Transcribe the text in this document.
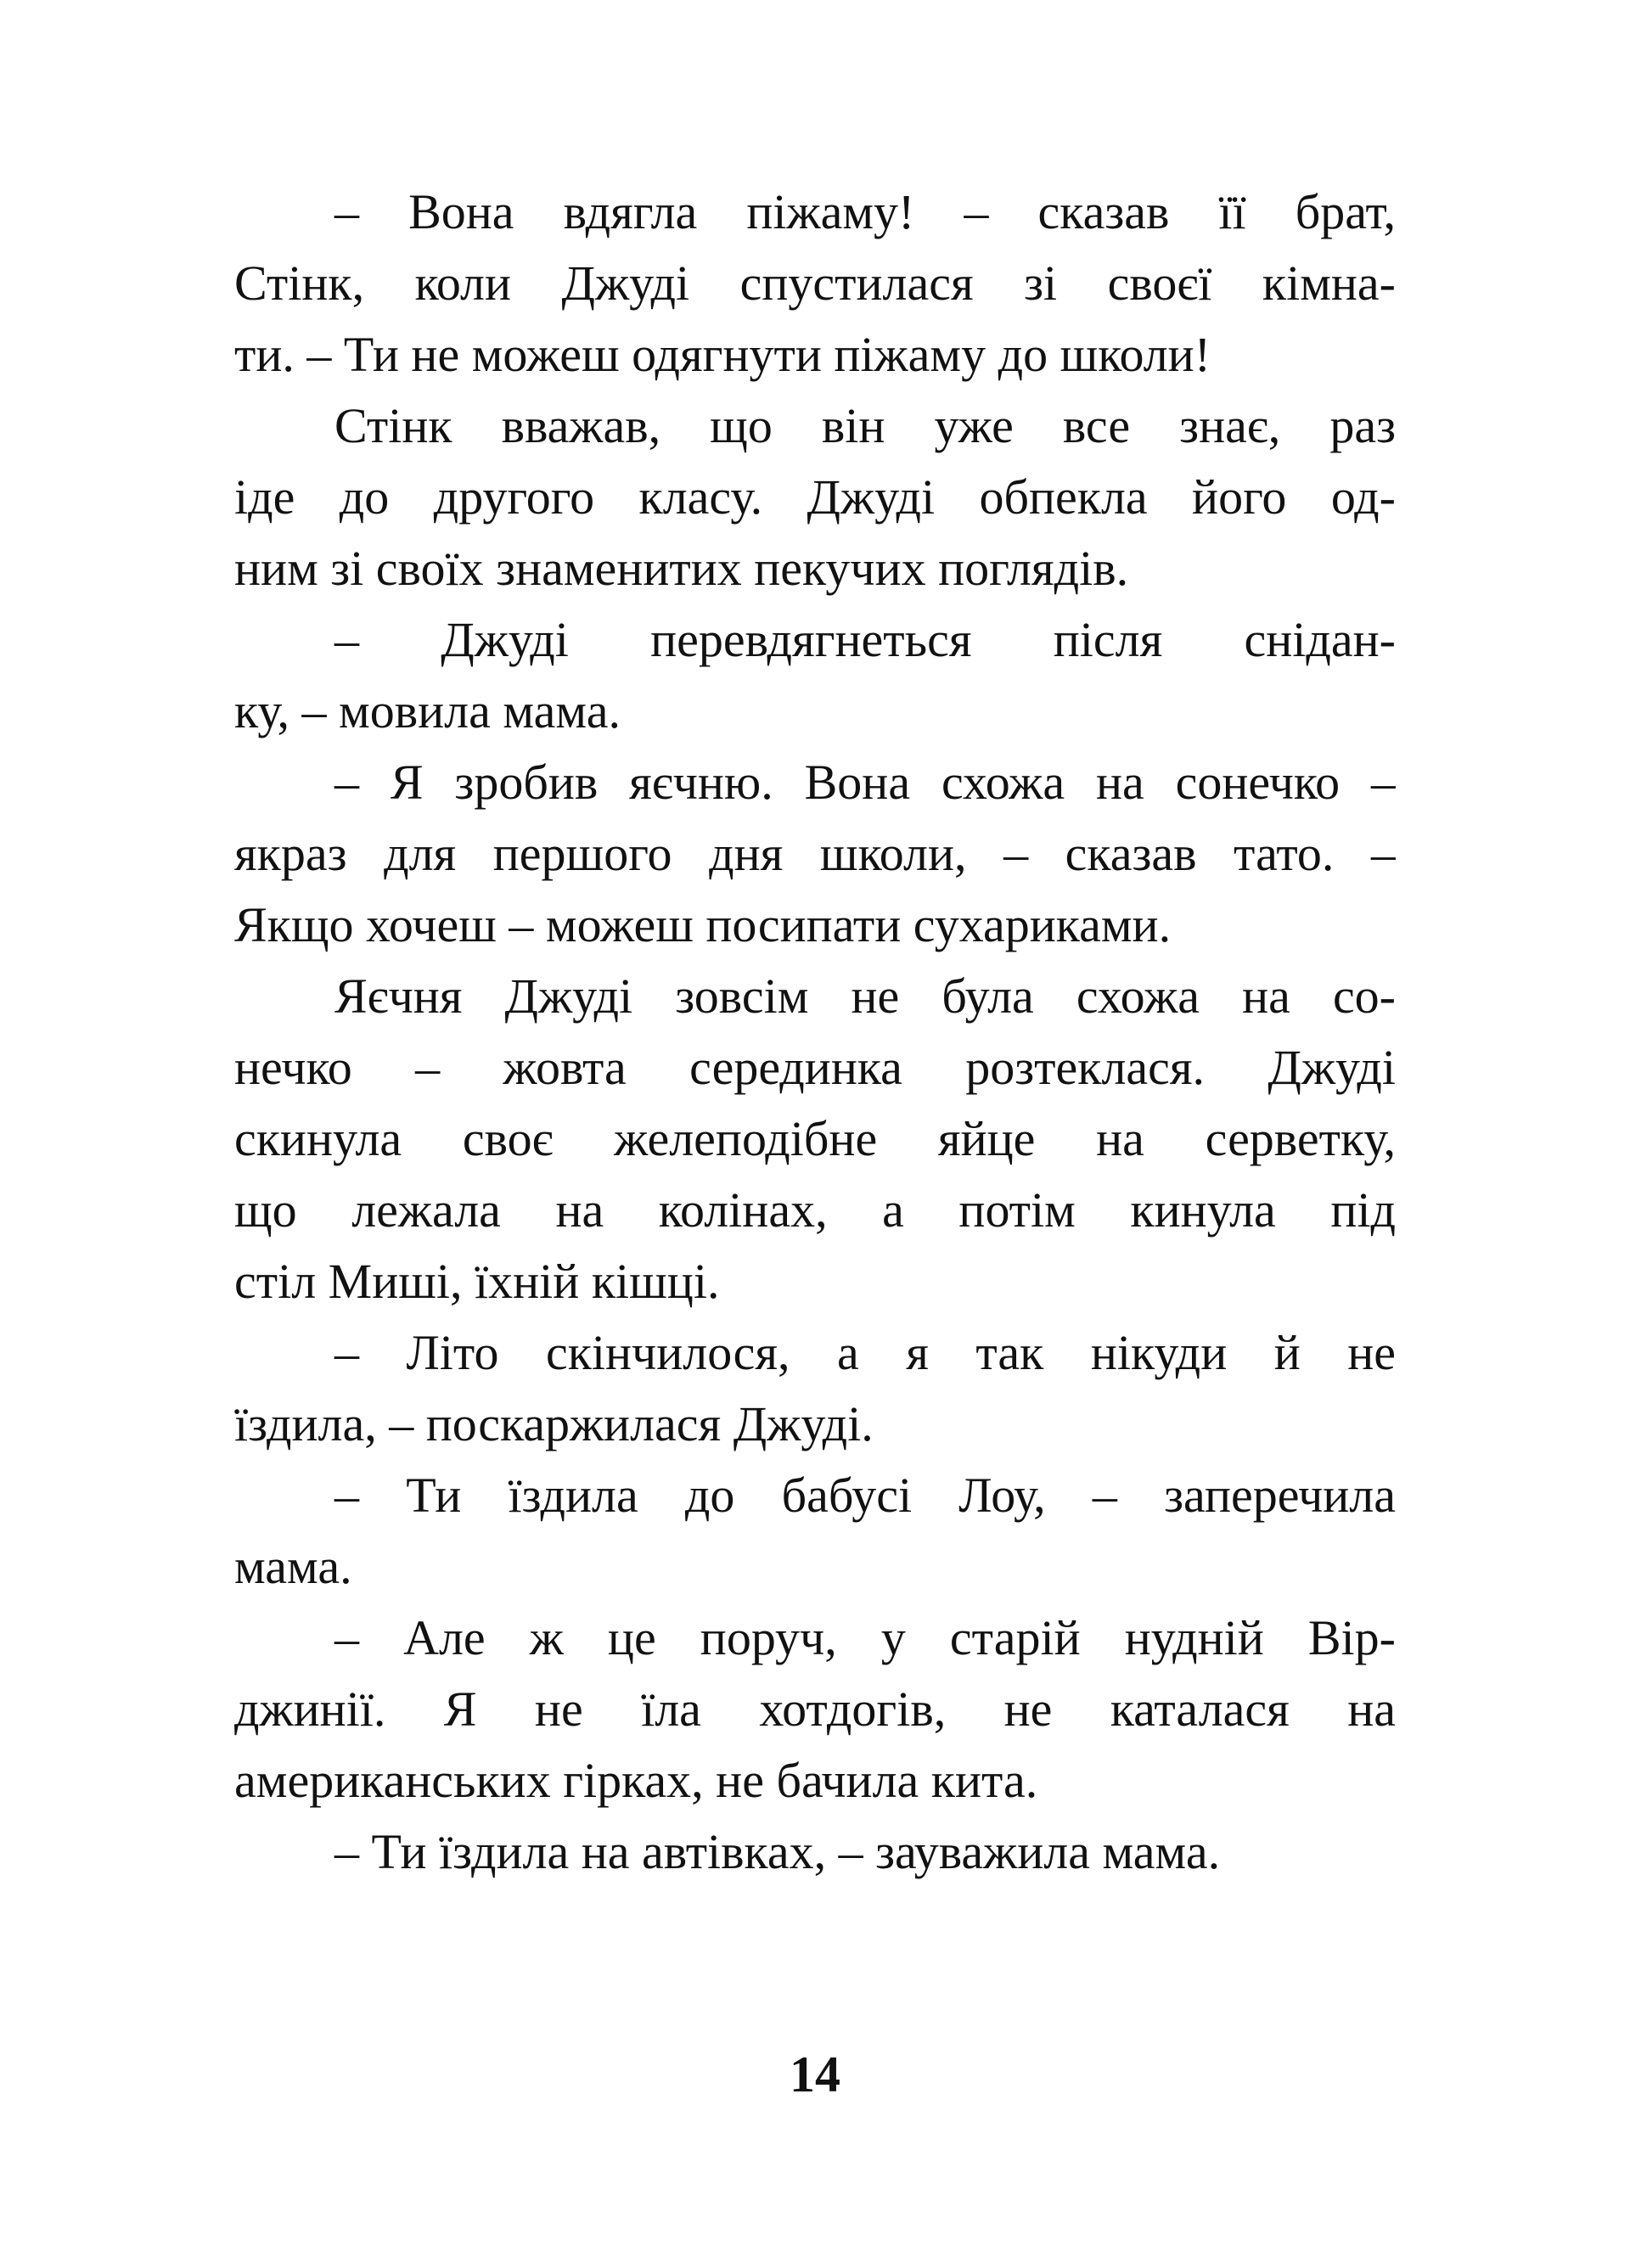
– Вона вдягла піжаму! – сказав її брат,
Стінк, коли Джуді спустилася зі своєї кімна-
ти. – Ти не можеш одягнути піжаму до школи!
Стінк вважав, що він уже все знає, раз
іде до другого класу. Джуді обпекла його од-
ним зі своїх знаменитих пекучих поглядів.
– Джуді перевдягнеться після снідан-
ку, – мовила мама.
– Я зробив яєчню. Вона схожа на сонечко –
якраз для першого дня школи, – сказав тато. –
Якщо хочеш – можеш посипати сухариками.
Яєчня Джуді зовсім не була схожа на со-
нечко – жовта серединка розтеклася. Джуді
скинула своє желеподібне яйце на серветку,
що лежала на колінах, а потім кинула під
стіл Миші, їхній кішці.
– Літо скінчилося, а я так нікуди й не
їздила, – поскаржилася Джуді.
– Ти їздила до бабусі Лоу, – заперечила
мама.
– Але ж це поруч, у старій нудній Вір-
джинії. Я не їла хотдогів, не каталася на
американських гірках, не бачила кита.
– Ти їздила на автівках, – зауважила мама.
14
